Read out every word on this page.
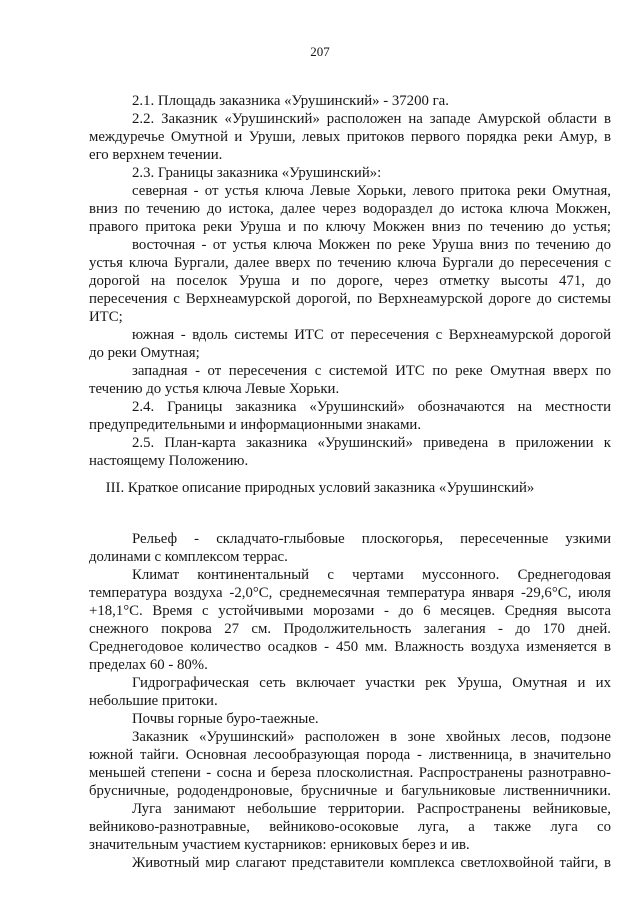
207
2.1. Площадь заказника «Урушинский» - 37200 га.
2.2. Заказник «Урушинский» расположен на западе Амурской области в
междуречье Омутной и Уруши, левых притоков первого порядка реки Амур, в
его верхнем течении.
2.3. Границы заказника «Урушинский»:
северная - от устья ключа Левые Хорьки, левого притока реки Омутная,
вниз по течению до истока, далее через водораздел до истока ключа Мокжен,
правого притока реки Уруша и по ключу Мокжен вниз по течению до устья;
восточная - от устья ключа Мокжен по реке Уруша вниз по течению до
устья ключа Бургали, далее вверх по течению ключа Бургали до пересечения с
дорогой на поселок Уруша и по дороге, через отметку высоты 471, до
пересечения с Верхнеамурской дорогой, по Верхнеамурской дороге до системы
ИТС;
южная - вдоль системы ИТС от пересечения с Верхнеамурской дорогой
до реки Омутная;
западная - от пересечения с системой ИТС по реке Омутная вверх по
течению до устья ключа Левые Хорьки.
2.4. Границы заказника «Урушинский» обозначаются на местности
предупредительными и информационными знаками.
2.5. План-карта заказника «Урушинский» приведена в приложении к
настоящему Положению.
III. Краткое описание природных условий заказника «Урушинский»
Рельеф - складчато-глыбовые плоскогорья, пересеченные узкими
долинами с комплексом террас.
Климат континентальный с чертами муссонного. Среднегодовая
температура воздуха -2,0°С, среднемесячная температура января -29,6°С, июля
+18,1°С. Время с устойчивыми морозами - до 6 месяцев. Средняя высота
снежного покрова 27 см. Продолжительность залегания - до 170 дней.
Среднегодовое количество осадков - 450 мм. Влажность воздуха изменяется в
пределах 60 - 80%.
Гидрографическая сеть включает участки рек Уруша, Омутная и их
небольшие притоки.
Почвы горные буро-таежные.
Заказник «Урушинский» расположен в зоне хвойных лесов, подзоне
южной тайги. Основная лесообразующая порода - лиственница, в значительно
меньшей степени - сосна и береза плосколистная. Распространены разнотравно-
брусничные, рододендроновые, брусничные и багульниковые лиственничники.
Луга занимают небольшие территории. Распространены вейниковые,
вейниково-разнотравные, вейниково-осоковые луга, а также луга со
значительным участием кустарников: ерниковых берез и ив.
Животный мир слагают представители комплекса светлохвойной тайги, в
